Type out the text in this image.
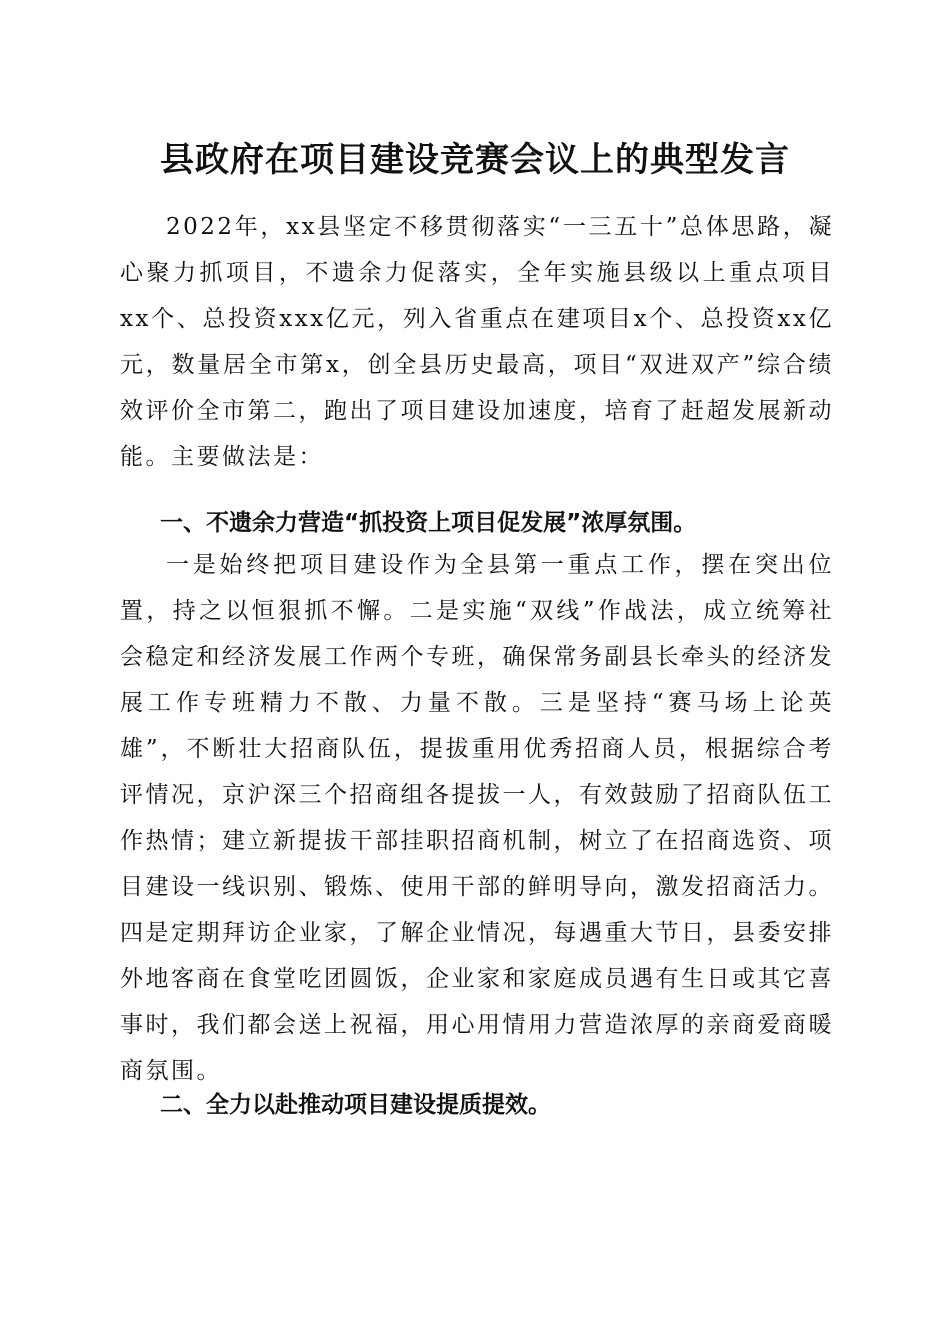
县政府在项目建设竞赛会议上的典型发言

2022年，xx县坚定不移贯彻落实“一三五十”总体思路，凝心聚力抓项目，不遗余力促落实，全年实施县级以上重点项目xx个、总投资xxx亿元，列入省重点在建项目x个、总投资xx亿元，数量居全市第x，创全县历史最高，项目“双进双产”综合绩效评价全市第二，跑出了项目建设加速度，培育了赶超发展新动能。主要做法是：

一、不遗余力营造“抓投资上项目促发展”浓厚氛围。

一是始终把项目建设作为全县第一重点工作，摆在突出位置，持之以恒狠抓不懈。二是实施“双线”作战法，成立统筹社会稳定和经济发展工作两个专班，确保常务副县长牵头的经济发展工作专班精力不散、力量不散。三是坚持“赛马场上论英雄”，不断壮大招商队伍，提拔重用优秀招商人员，根据综合考评情况，京沪深三个招商组各提拔一人，有效鼓励了招商队伍工作热情；建立新提拔干部挂职招商机制，树立了在招商选资、项目建设一线识别、锻炼、使用干部的鲜明导向，激发招商活力。四是定期拜访企业家，了解企业情况，每遇重大节日，县委安排外地客商在食堂吃团圆饭，企业家和家庭成员遇有生日或其它喜事时，我们都会送上祝福，用心用情用力营造浓厚的亲商爱商暖商氛围。

二、全力以赴推动项目建设提质提效。
